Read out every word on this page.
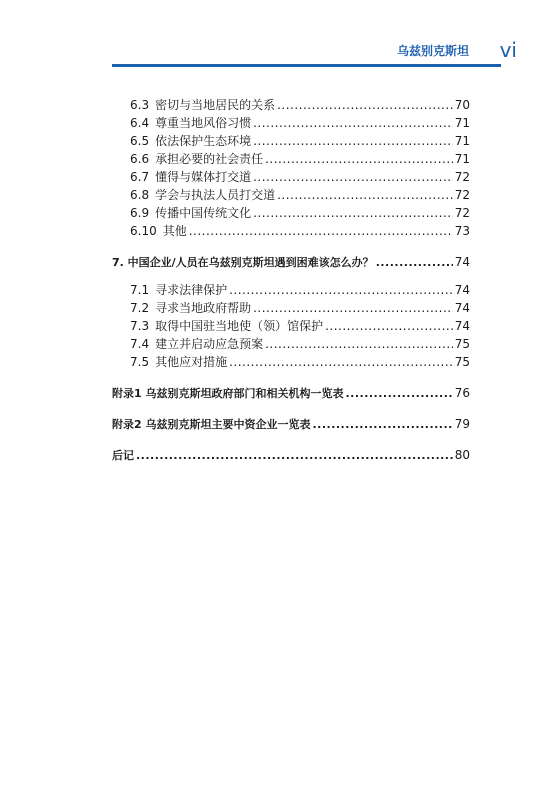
乌兹别克斯坦 vi
6.3 密切与当地居民的关系 .....	70
6.4 尊重当地风俗习惯 .....	71
6.5 依法保护生态环境 .....	71
6.6 承担必要的社会责任 .....	71
6.7 懂得与媒体打交道 .....	72
6.8 学会与执法人员打交道 .....	72
6.9 传播中国传统文化 .....	72
6.10 其他 .....	73
7. 中国企业/人员在乌兹别克斯坦遇到困难该怎么办？ .....	74
7.1 寻求法律保护 .....	74
7.2 寻求当地政府帮助 .....	74
7.3 取得中国驻当地使（领）馆保护 .....	74
7.4 建立并启动应急预案 .....	75
7.5 其他应对措施 .....	75
附录1 乌兹别克斯坦政府部门和相关机构一览表 .....	76
附录2 乌兹别克斯坦主要中资企业一览表 .....	79
后记 .....	80
